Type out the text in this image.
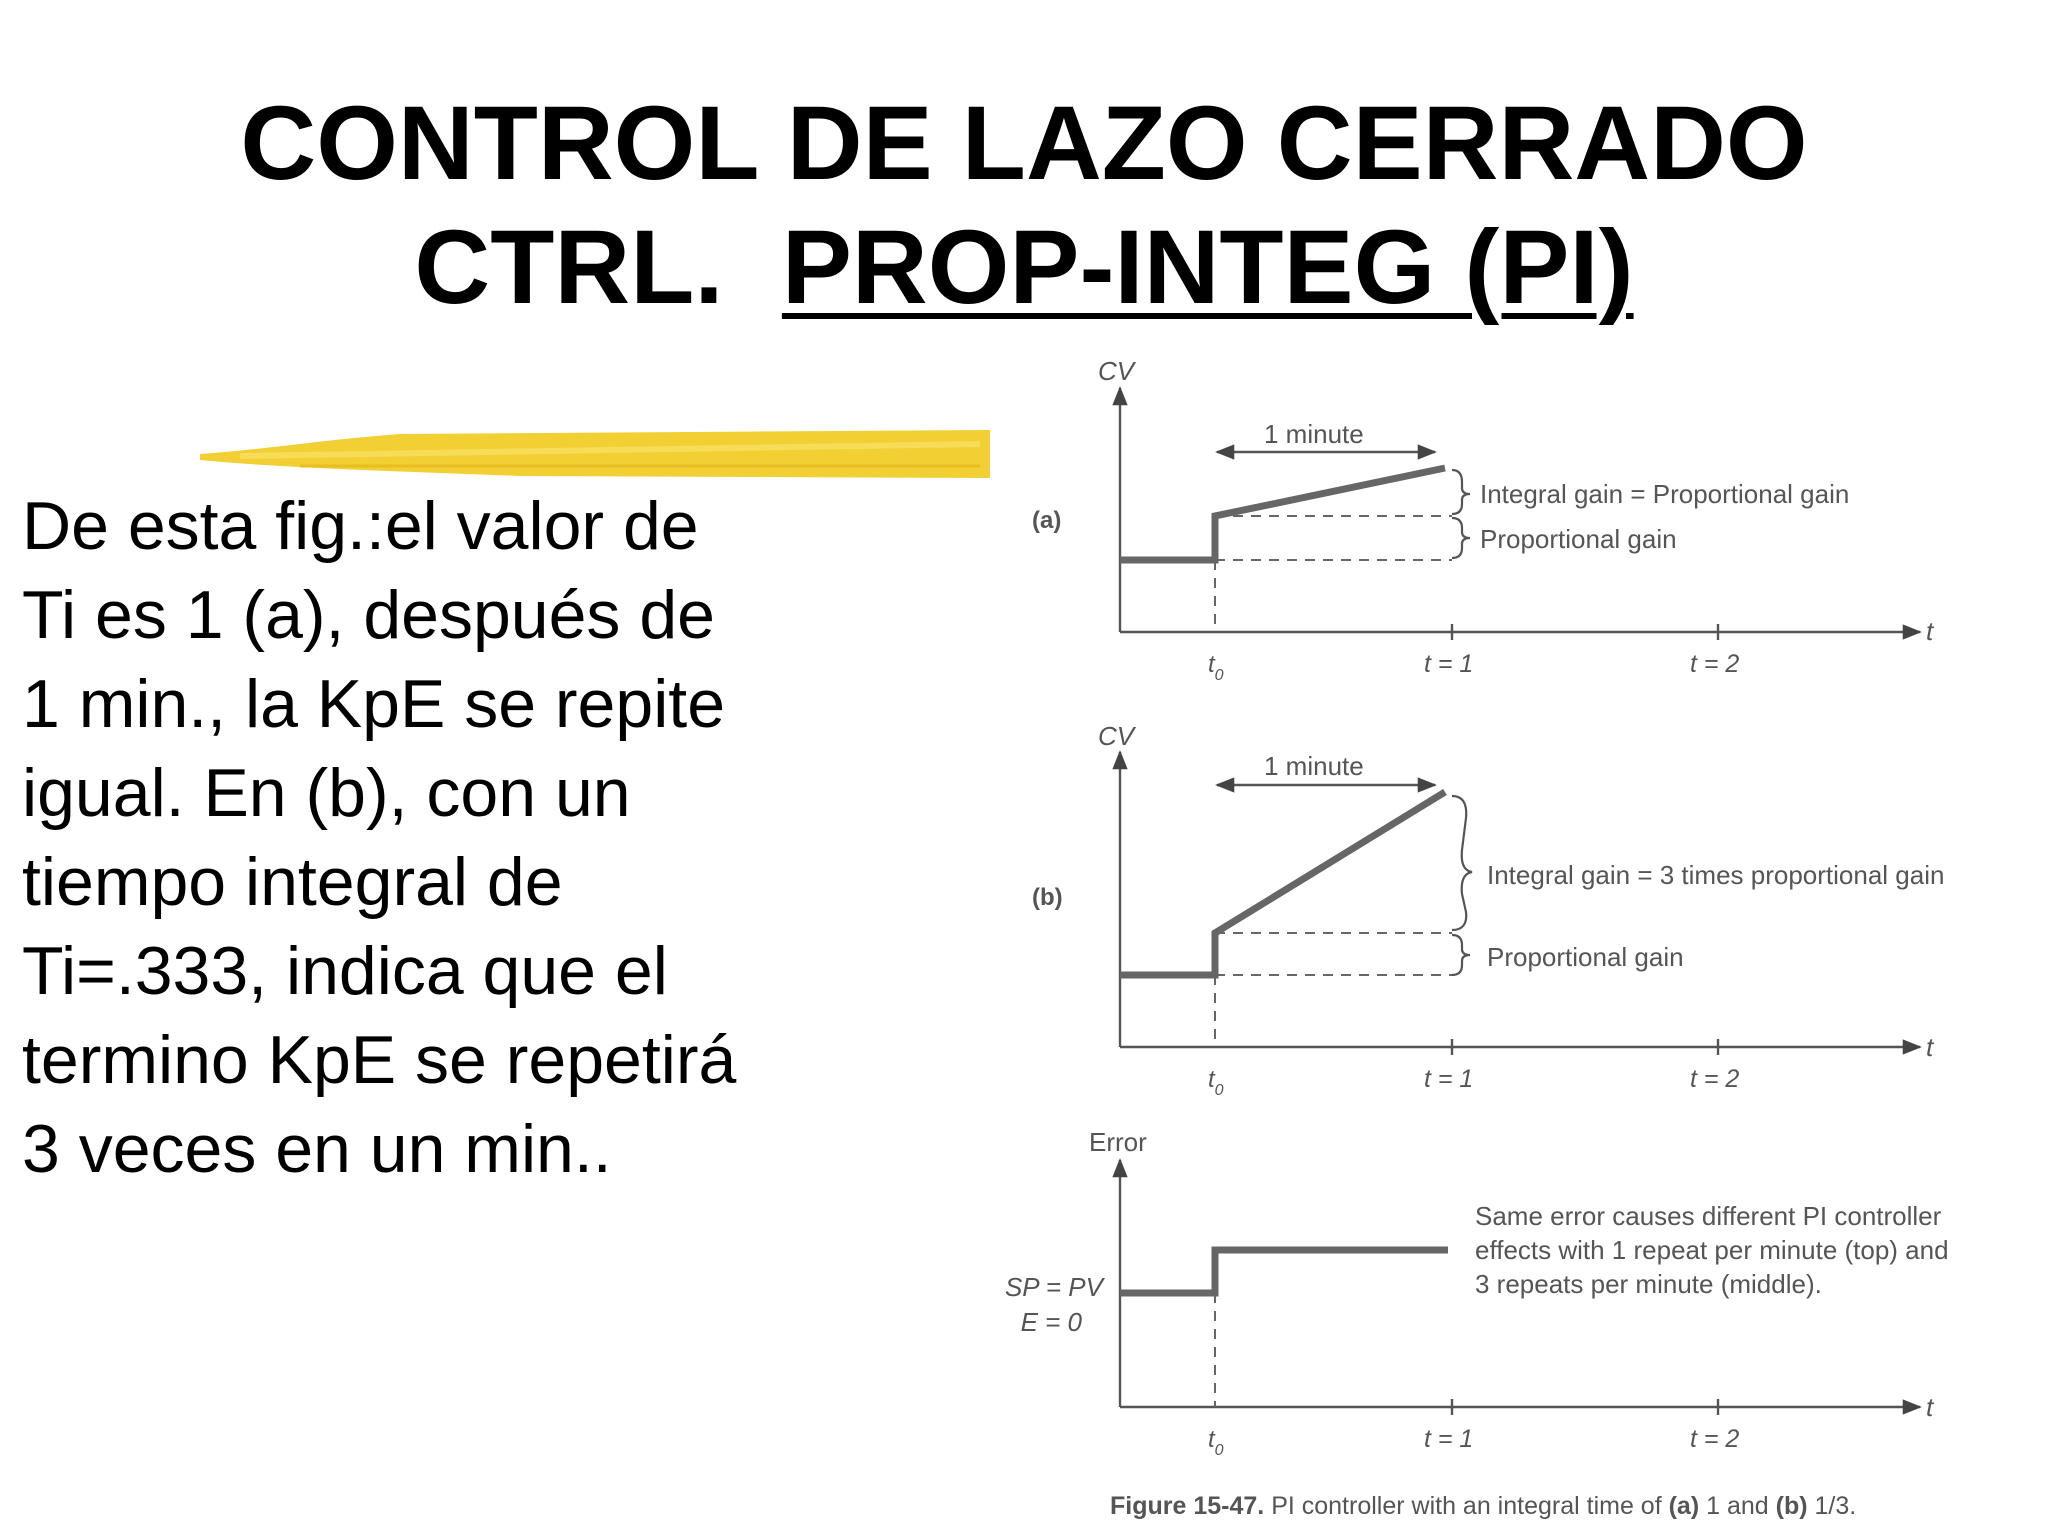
CONTROL DE LAZO CERRADO
CTRL. PROP-INTEG (PI)
De esta fig.:el valor de
Ti es 1 (a), después de
1 min., la KpE se repite
igual. En (b), con un
tiempo integral de
Ti=.333, indica que el
termino KpE se repetirá
3 veces en un min..
CV
t
(a)
1 minute
Integral gain = Proportional gain
Proportional gain
$t_0$	t = 1	t = 2
CV
t
(b)
1 minute
Integral gain = 3 times proportional gain
Proportional gain
$t_0$	t = 1	t = 2
Error
t
SP = PV
E = 0
Same error causes different PI controller
effects with 1 repeat per minute (top) and
3 repeats per minute (middle).
$t_0$	t = 1	t = 2
Figure 15-47. PI controller with an integral time of (a) 1 and (b) 1/3.
